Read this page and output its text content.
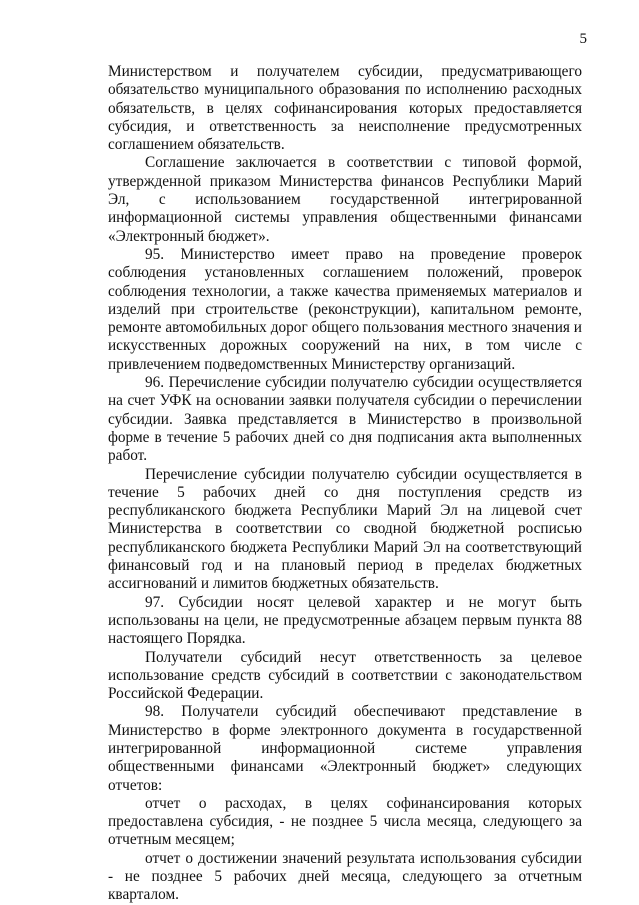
5

Министерством и получателем субсидии, предусматривающего обязательство муниципального образования по исполнению расходных обязательств, в целях софинансирования которых предоставляется субсидия, и ответственность за неисполнение предусмотренных соглашением обязательств.

Соглашение заключается в соответствии с типовой формой, утвержденной приказом Министерства финансов Республики Марий Эл, с использованием государственной интегрированной информационной системы управления общественными финансами «Электронный бюджет».

95. Министерство имеет право на проведение проверок соблюдения установленных соглашением положений, проверок соблюдения технологии, а также качества применяемых материалов и изделий при строительстве (реконструкции), капитальном ремонте, ремонте автомобильных дорог общего пользования местного значения и искусственных дорожных сооружений на них, в том числе с привлечением подведомственных Министерству организаций.

96. Перечисление субсидии получателю субсидии осуществляется на счет УФК на основании заявки получателя субсидии о перечислении субсидии. Заявка представляется в Министерство в произвольной форме в течение 5 рабочих дней со дня подписания акта выполненных работ.

Перечисление субсидии получателю субсидии осуществляется в течение 5 рабочих дней со дня поступления средств из республиканского бюджета Республики Марий Эл на лицевой счет Министерства в соответствии со сводной бюджетной росписью республиканского бюджета Республики Марий Эл на соответствующий финансовый год и на плановый период в пределах бюджетных ассигнований и лимитов бюджетных обязательств.

97. Субсидии носят целевой характер и не могут быть использованы на цели, не предусмотренные абзацем первым пункта 88 настоящего Порядка.

Получатели субсидий несут ответственность за целевое использование средств субсидий в соответствии с законодательством Российской Федерации.

98. Получатели субсидий обеспечивают представление в Министерство в форме электронного документа в государственной интегрированной информационной системе управления общественными финансами «Электронный бюджет» следующих отчетов:

отчет о расходах, в целях софинансирования которых предоставлена субсидия, - не позднее 5 числа месяца, следующего за отчетным месяцем;

отчет о достижении значений результата использования субсидии - не позднее 5 рабочих дней месяца, следующего за отчетным кварталом.
